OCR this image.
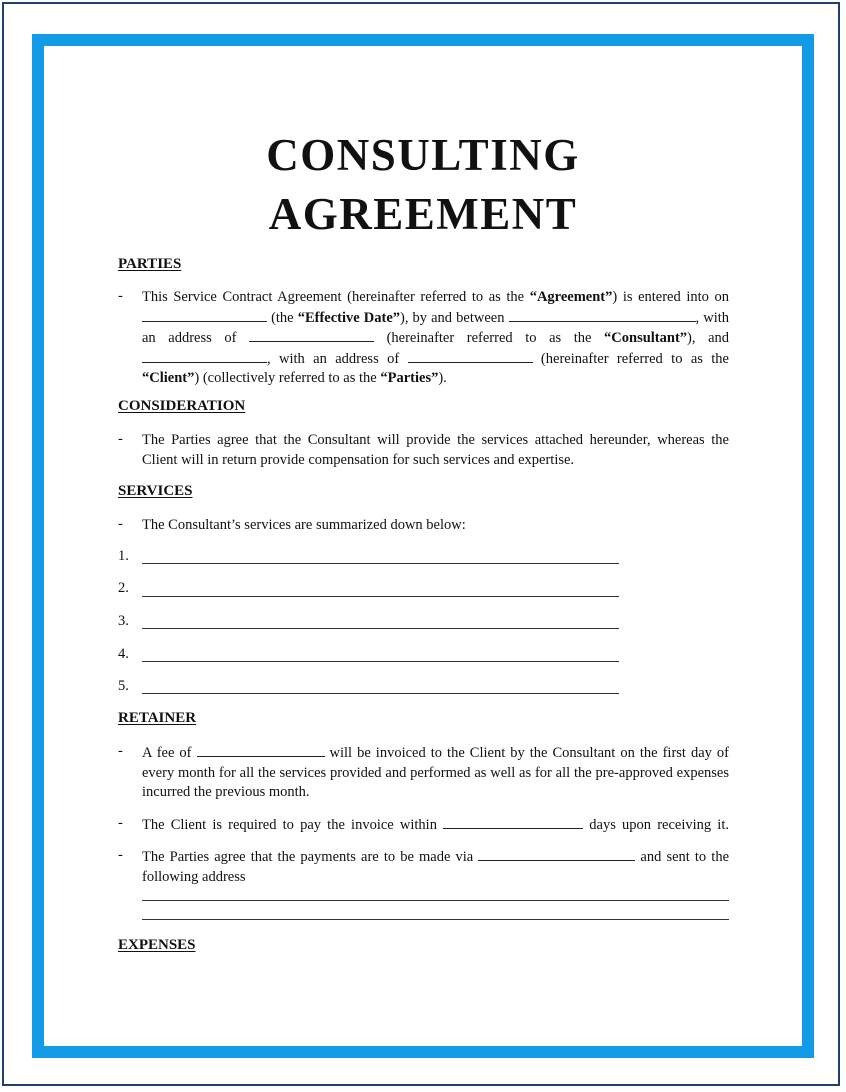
CONSULTING
AGREEMENT
PARTIES
- This Service Contract Agreement (hereinafter referred to as the “Agreement”) is entered into on  (the “Effective Date”), by and between	, with an address of	(hereinafter referred to as the “Consultant”), and , with an address of	(hereinafter referred to as the “Client”) (collectively referred to as the “Parties”).

CONSIDERATION
- The Parties agree that the Consultant will provide the services attached hereunder, whereas the Client will in return provide compensation for such services and expertise.

SERVICES
- The Consultant’s services are summarized down below:

1.
2.
3.
4.
5.
RETAINER
- A fee of	will be invoiced to the Client by the Consultant on the first day of every month for all the services provided and performed as well as for all the pre-approved expenses incurred the previous month.

- The Client is required to pay the invoice within	days upon receiving it.

- The Parties agree that the payments are to be made via	and sent to the following address

EXPENSES
